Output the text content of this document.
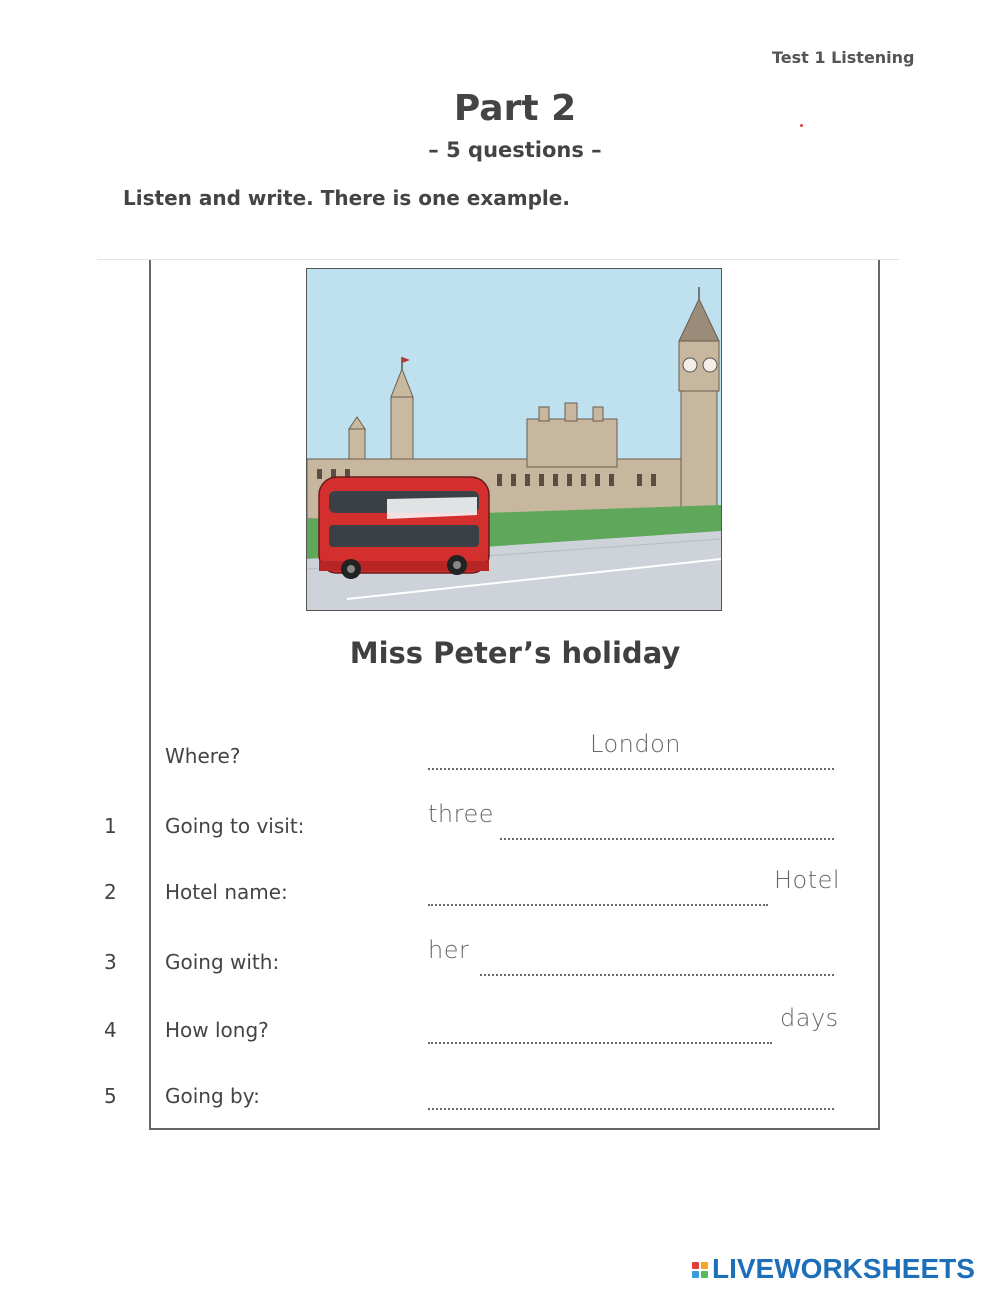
Test 1 Listening
Part 2
– 5 questions –
Listen and write. There is one example.
Miss Peter’s holiday
Where?	London
1 Going to visit:	three
2 Hotel name:	Hotel
3 Going with:	her
4 How long?	days
5 Going by:
LIVEWORKSHEETS
